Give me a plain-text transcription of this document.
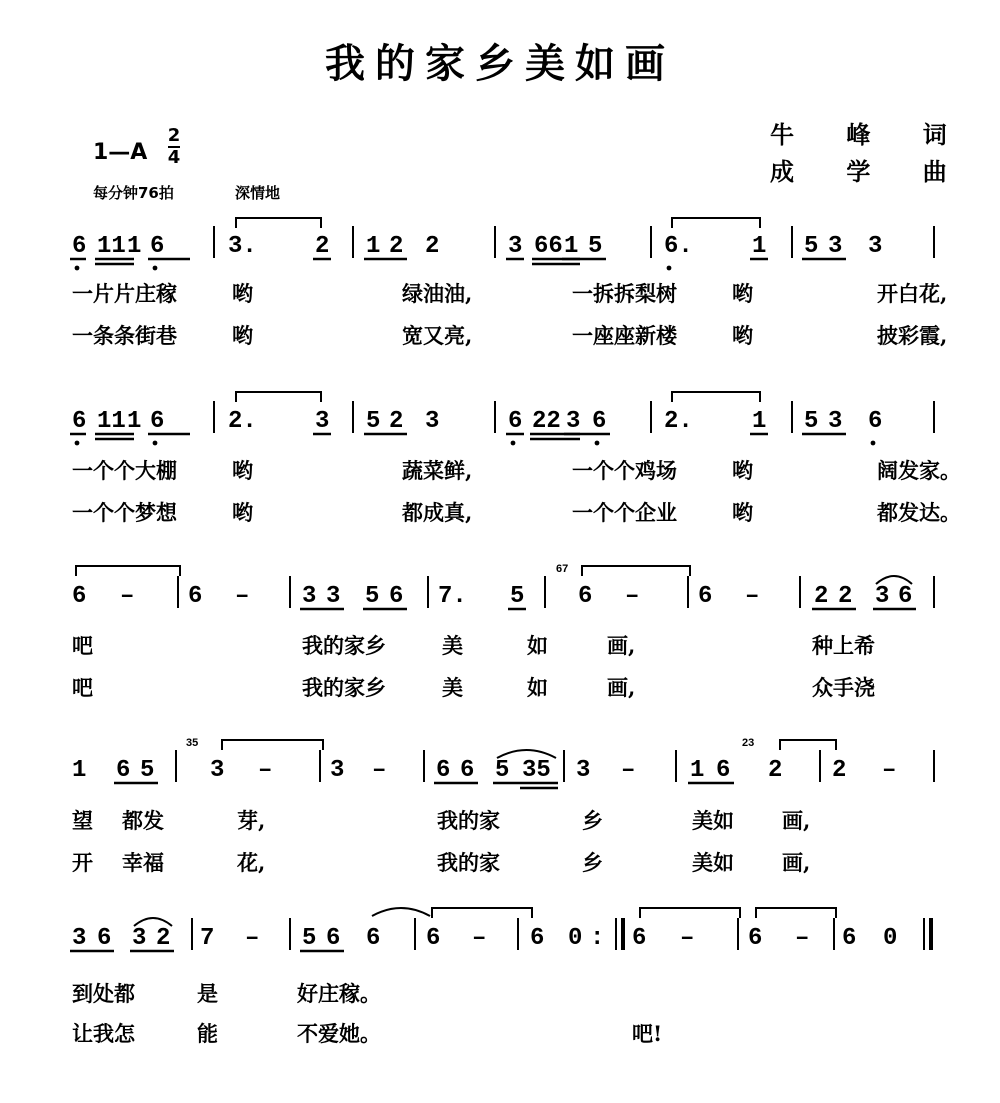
我的家乡美如画
牛 峰 词
成 学 曲
1—A
2
4
每分钟76拍	深情地
一片片庄稼	哟	绿油油,	一拆拆梨树	哟	开白花,
一条条街巷	哟	宽又亮,	一座座新楼	哟	披彩霞,
一个个大棚	哟	蔬菜鲜,	一个个鸡场	哟	阔发家。
一个个梦想	哟	都成真,	一个个企业	哟	都发达。
吧	我的家乡	美	如	画,	种上希
吧	我的家乡	美	如	画,	众手浇
望 都发	芽,	我的家	乡	美如 画,
开 幸福	花,	我的家	乡	美如 画,
到处都	是	好庄稼。
让我怎	能	不爱她。	吧!
6 11 1 6	3. 2 1 2 2	3 66 1 5	6. 1 5 3 3
6 11 1 6	2. 3 5 2 3	6 22 3 6 2. 1 5 3 6
6 – 6 – 3 3 5 6 7. 5
67
6 – 6 – 2 2 3 6
1 6 5
35
3 – 3 – 6 6 5 35 3 – 1 6
23
2 2 –
3 6 3 2 7 – 5 6 6 6 – 6 0 : 6 – 6 – 6 0
